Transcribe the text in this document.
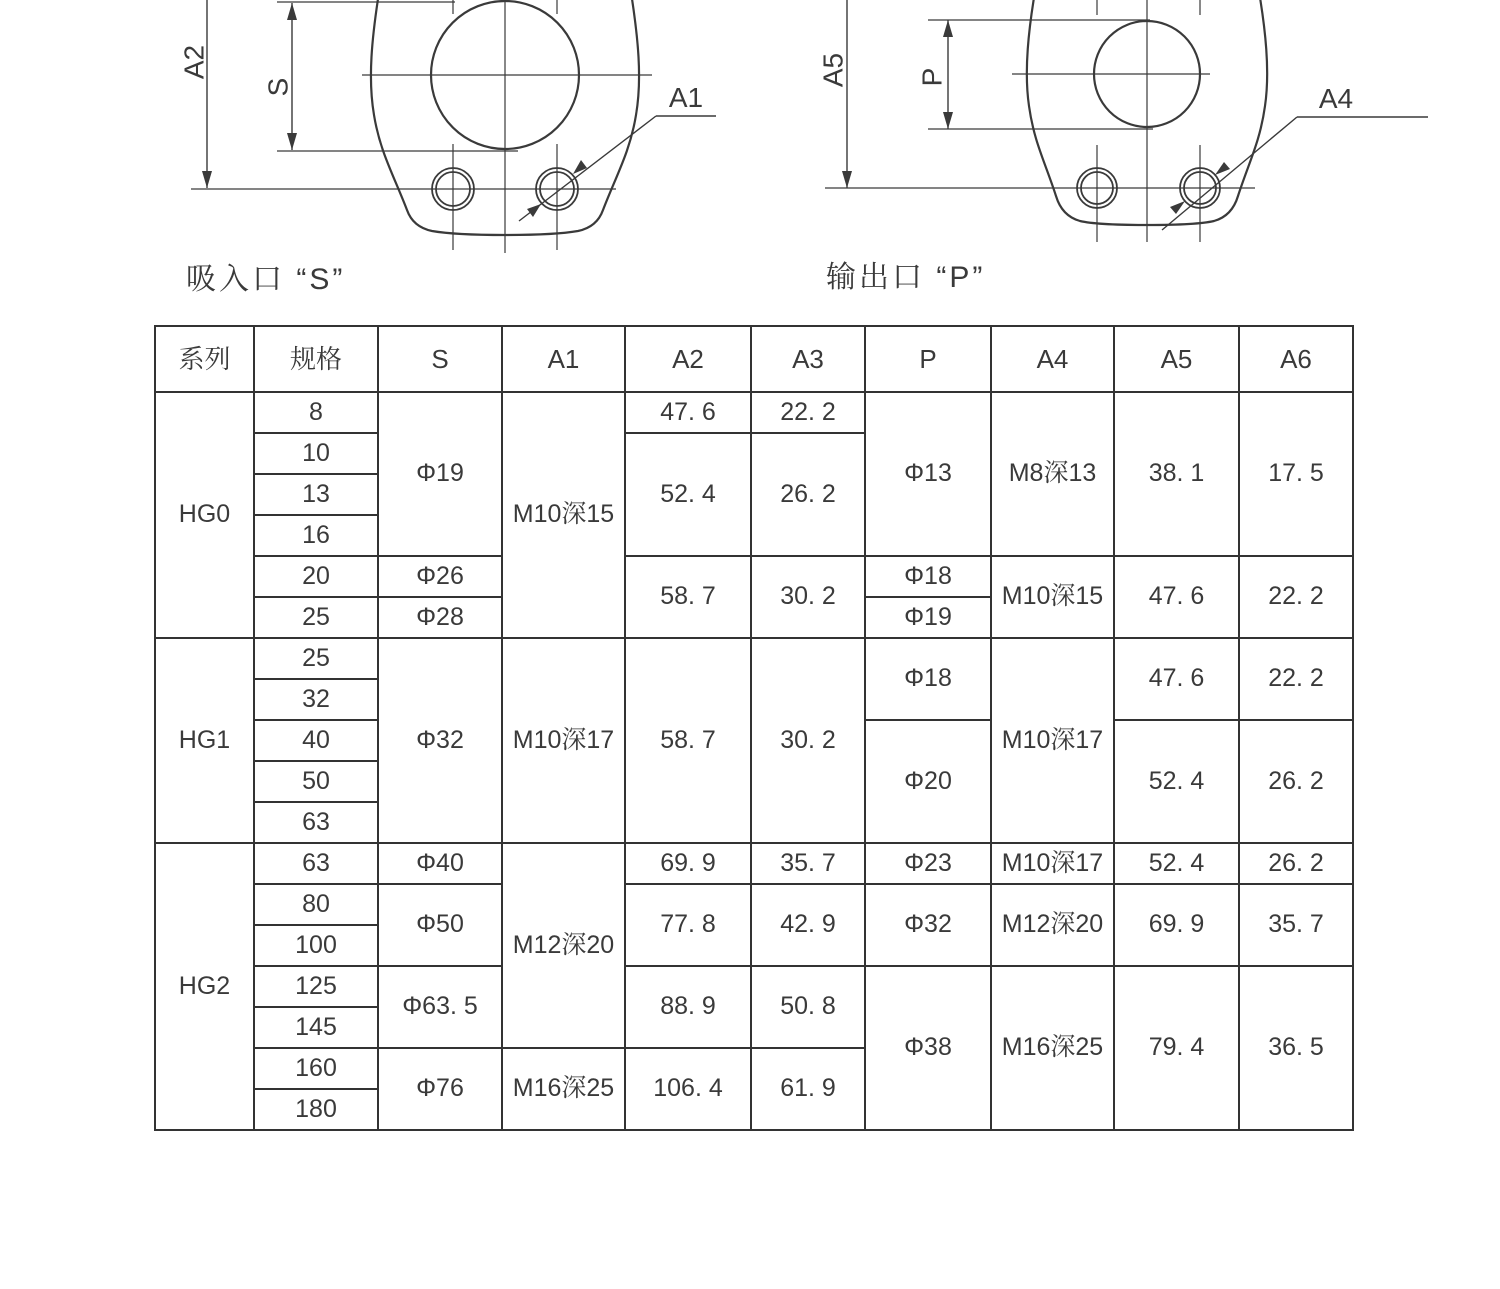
A2
S	A1
A5 P
A4
吸入口 “S”	输出口 “P”
系列	规格	S	A1	A2	A3	P	A4	A5	A6
HG0	8	Φ19	M10深15	47. 6	22. 2	Φ13	M8深13	38. 1	17. 5
	10			52. 4	26. 2				
	13								
	16								
	20	Φ26		58. 7	30. 2	Φ18	M10深15	47. 6	22. 2
	25	Φ28				Φ19			
HG1	25	Φ32	M10深17	58. 7	30. 2	Φ18	M10深17	47. 6	22. 2
	32								
	40					Φ20		52. 4	26. 2
	50								
	63								
HG2	63	Φ40	M12深20	69. 9	35. 7	Φ23	M10深17	52. 4	26. 2
	80	Φ50		77. 8	42. 9	Φ32	M12深20	69. 9	35. 7
	100								
	125	Φ63. 5		88. 9	50. 8	Φ38	M16深25	79. 4	36. 5
	145								
	160	Φ76	M16深25	106. 4	61. 9				
	180								
